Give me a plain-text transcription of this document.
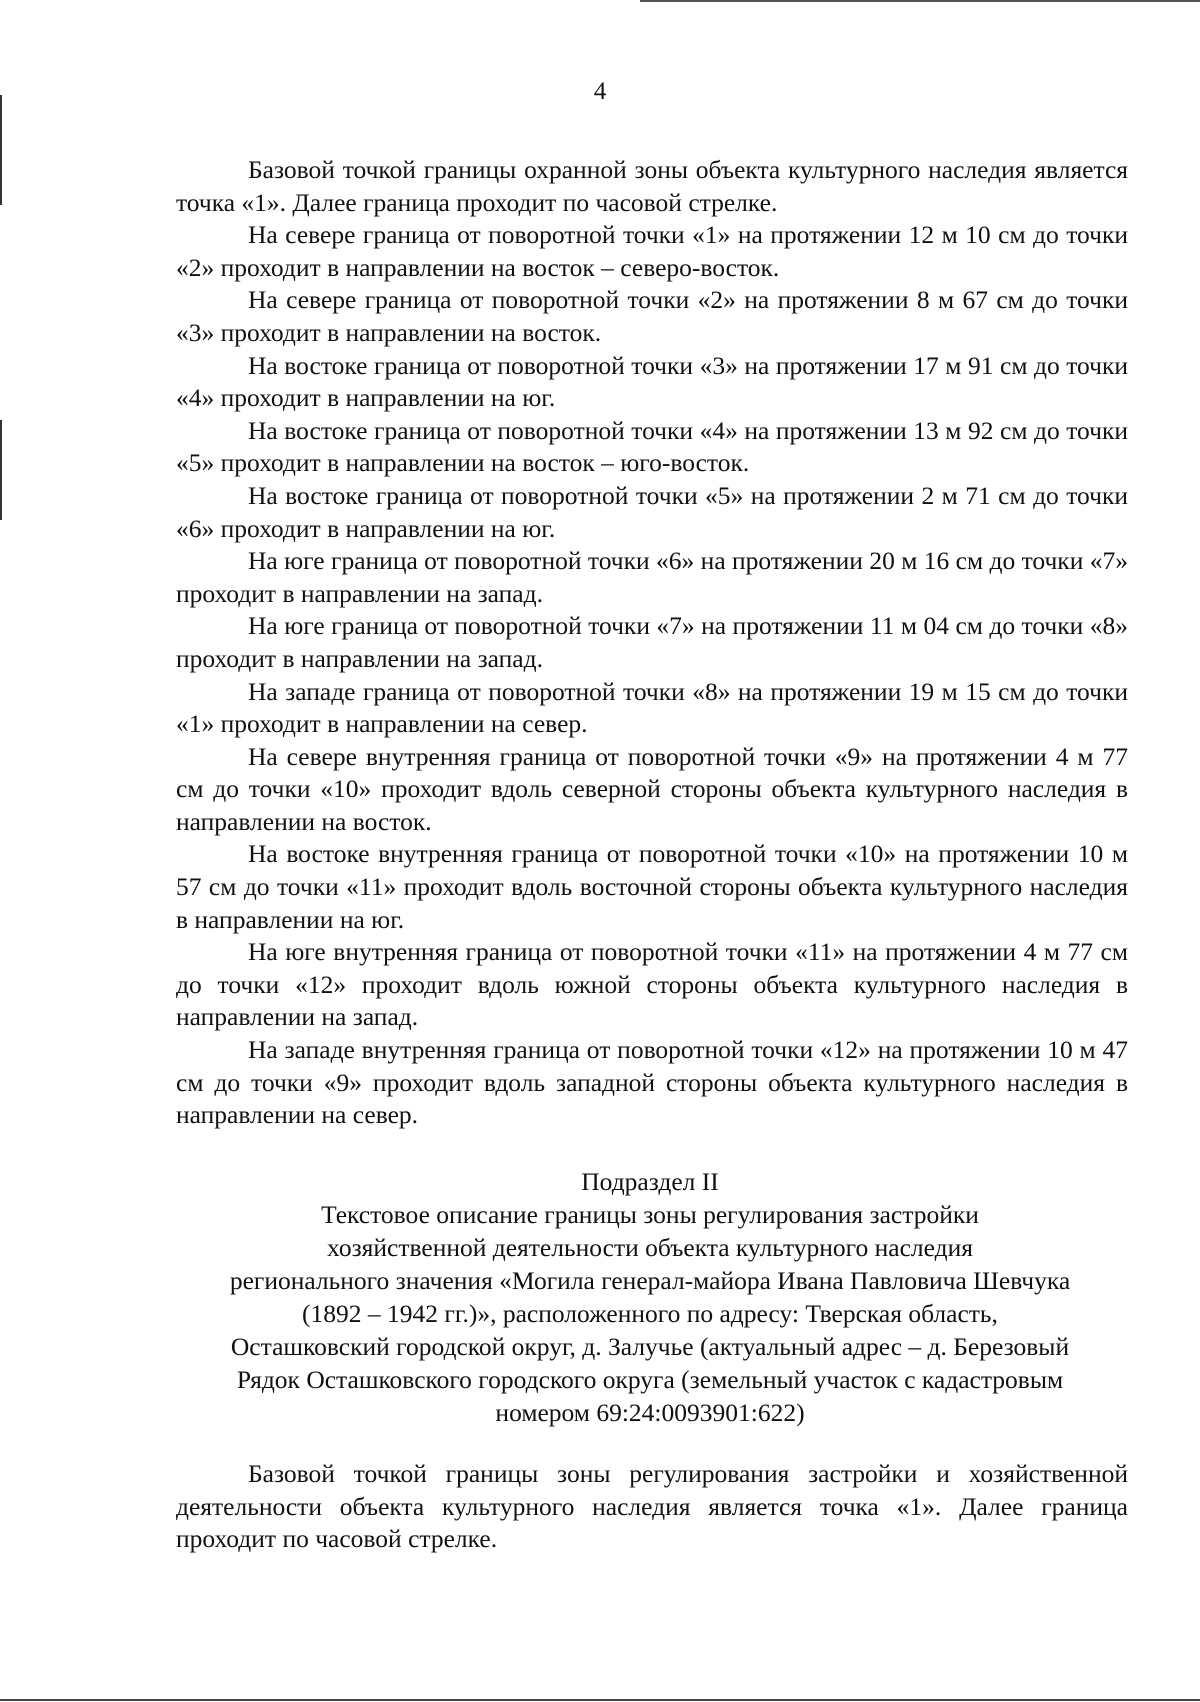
4

Базовой точкой границы охранной зоны объекта культурного наследия является точка «1». Далее граница проходит по часовой стрелке.

На севере граница от поворотной точки «1» на протяжении 12 м 10 см до точки «2» проходит в направлении на восток – северо-восток.

На севере граница от поворотной точки «2» на протяжении 8 м 67 см до точки «3» проходит в направлении на восток.

На востоке граница от поворотной точки «3» на протяжении 17 м 91 см до точки «4» проходит в направлении на юг.

На востоке граница от поворотной точки «4» на протяжении 13 м 92 см до точки «5» проходит в направлении на восток – юго-восток.

На востоке граница от поворотной точки «5» на протяжении 2 м 71 см до точки «6» проходит в направлении на юг.

На юге граница от поворотной точки «6» на протяжении 20 м 16 см до точки «7» проходит в направлении на запад.

На юге граница от поворотной точки «7» на протяжении 11 м 04 см до точки «8» проходит в направлении на запад.

На западе граница от поворотной точки «8» на протяжении 19 м 15 см до точки «1» проходит в направлении на север.

На севере внутренняя граница от поворотной точки «9» на протяжении 4 м 77 см до точки «10» проходит вдоль северной стороны объекта культурного наследия в направлении на восток.

На востоке внутренняя граница от поворотной точки «10» на протяжении 10 м 57 см до точки «11» проходит вдоль восточной стороны объекта культурного наследия в направлении на юг.

На юге внутренняя граница от поворотной точки «11» на протяжении 4 м 77 см до точки «12» проходит вдоль южной стороны объекта культурного наследия в направлении на запад.

На западе внутренняя граница от поворотной точки «12» на протяжении 10 м 47 см до точки «9» проходит вдоль западной стороны объекта культурного наследия в направлении на север.

Подраздел II
Текстовое описание границы зоны регулирования застройки
хозяйственной деятельности объекта культурного наследия
регионального значения «Могила генерал-майора Ивана Павловича Шевчука
(1892 – 1942 гг.)», расположенного по адресу: Тверская область,
Осташковский городской округ, д. Залучье (актуальный адрес – д. Березовый
Рядок Осташковского городского округа (земельный участок с кадастровым
номером 69:24:0093901:622)

Базовой точкой границы зоны регулирования застройки и хозяйственной деятельности объекта культурного наследия является точка «1». Далее граница проходит по часовой стрелке.
